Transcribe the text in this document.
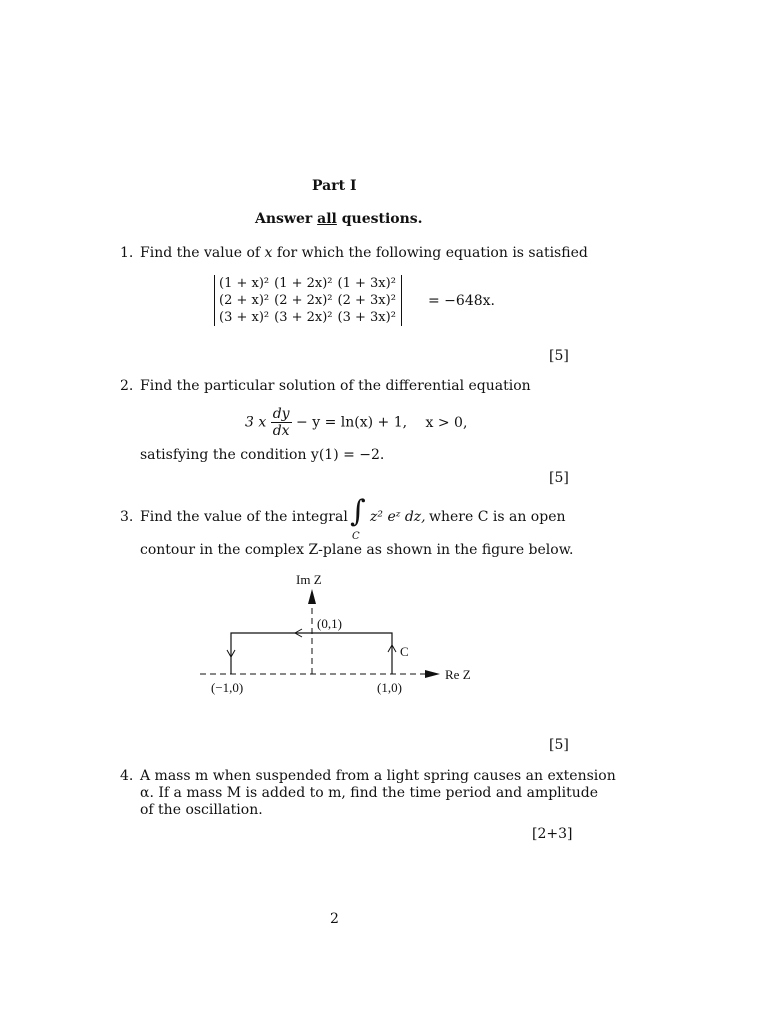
Part I
Answer all questions.
1. Find the value of x for which the following equation is satisfied
(1 + x)²	(1 + 2x)²	(1 + 3x)²
(2 + x)²	(2 + 2x)²	(2 + 3x)²
(3 + x)²	(3 + 2x)²	(3 + 3x)²
= −648x.
[5]
2. Find the particular solution of the differential equation
3 x $\frac{dy}{dx} - y = \ln(x) + 1$, x > 0,
satisfying the condition y(1) = −2.
[5]
3. Find the value of the integral ∫
C
z² eᶻ dz, where C is an open
contour in the complex Z-plane as shown in the figure below.
Im Z
Re Z
(0,1)
(−1,0)	(1,0)
C
[5]
4. A mass m when suspended from a light spring causes an extension
α. If a mass M is added to m, find the time period and amplitude
of the oscillation.
[2+3]
2
